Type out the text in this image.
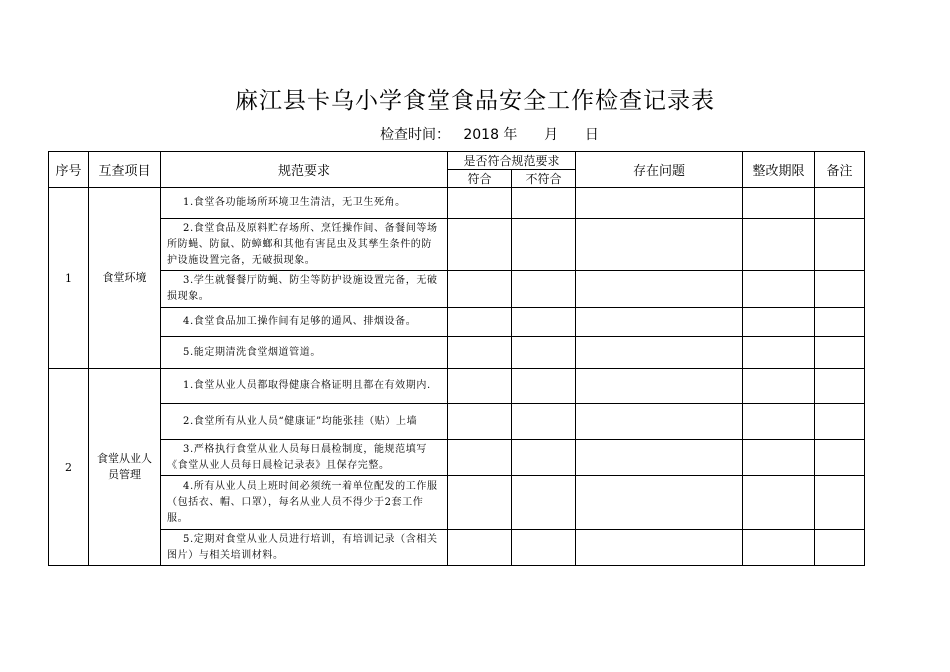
麻江县卡乌小学食堂食品安全工作检查记录表
检查时间：   2018 年      月      日
序号	互查项目	规范要求	是否符合规范要求		存在问题	整改期限	备注
			符合	不符合			
1	食堂环境	1.食堂各功能场所环境卫生清洁，无卫生死角。					
		2.食堂食品及原料贮存场所、烹饪操作间、备餐间等场所防蝇、防鼠、防蟑螂和其他有害昆虫及其孳生条件的防护设施设置完备，无破损现象。					
		3.学生就餐餐厅防蝇、防尘等防护设施设置完备，无破损现象。					
		4.食堂食品加工操作间有足够的通风、排烟设备。					
		5.能定期清洗食堂烟道管道。					
2	食堂从业人员管理	1.食堂从业人员都取得健康合格证明且都在有效期内.					
		2.食堂所有从业人员“健康证”均能张挂（贴）上墙					
		3.严格执行食堂从业人员每日晨检制度，能规范填写《食堂从业人员每日晨检记录表》且保存完整。					
		4.所有从业人员上班时间必须统一着单位配发的工作服（包括衣、帽、口罩），每名从业人员不得少于2套工作服。					
		5.定期对食堂从业人员进行培训，有培训记录（含相关图片）与相关培训材料。					
